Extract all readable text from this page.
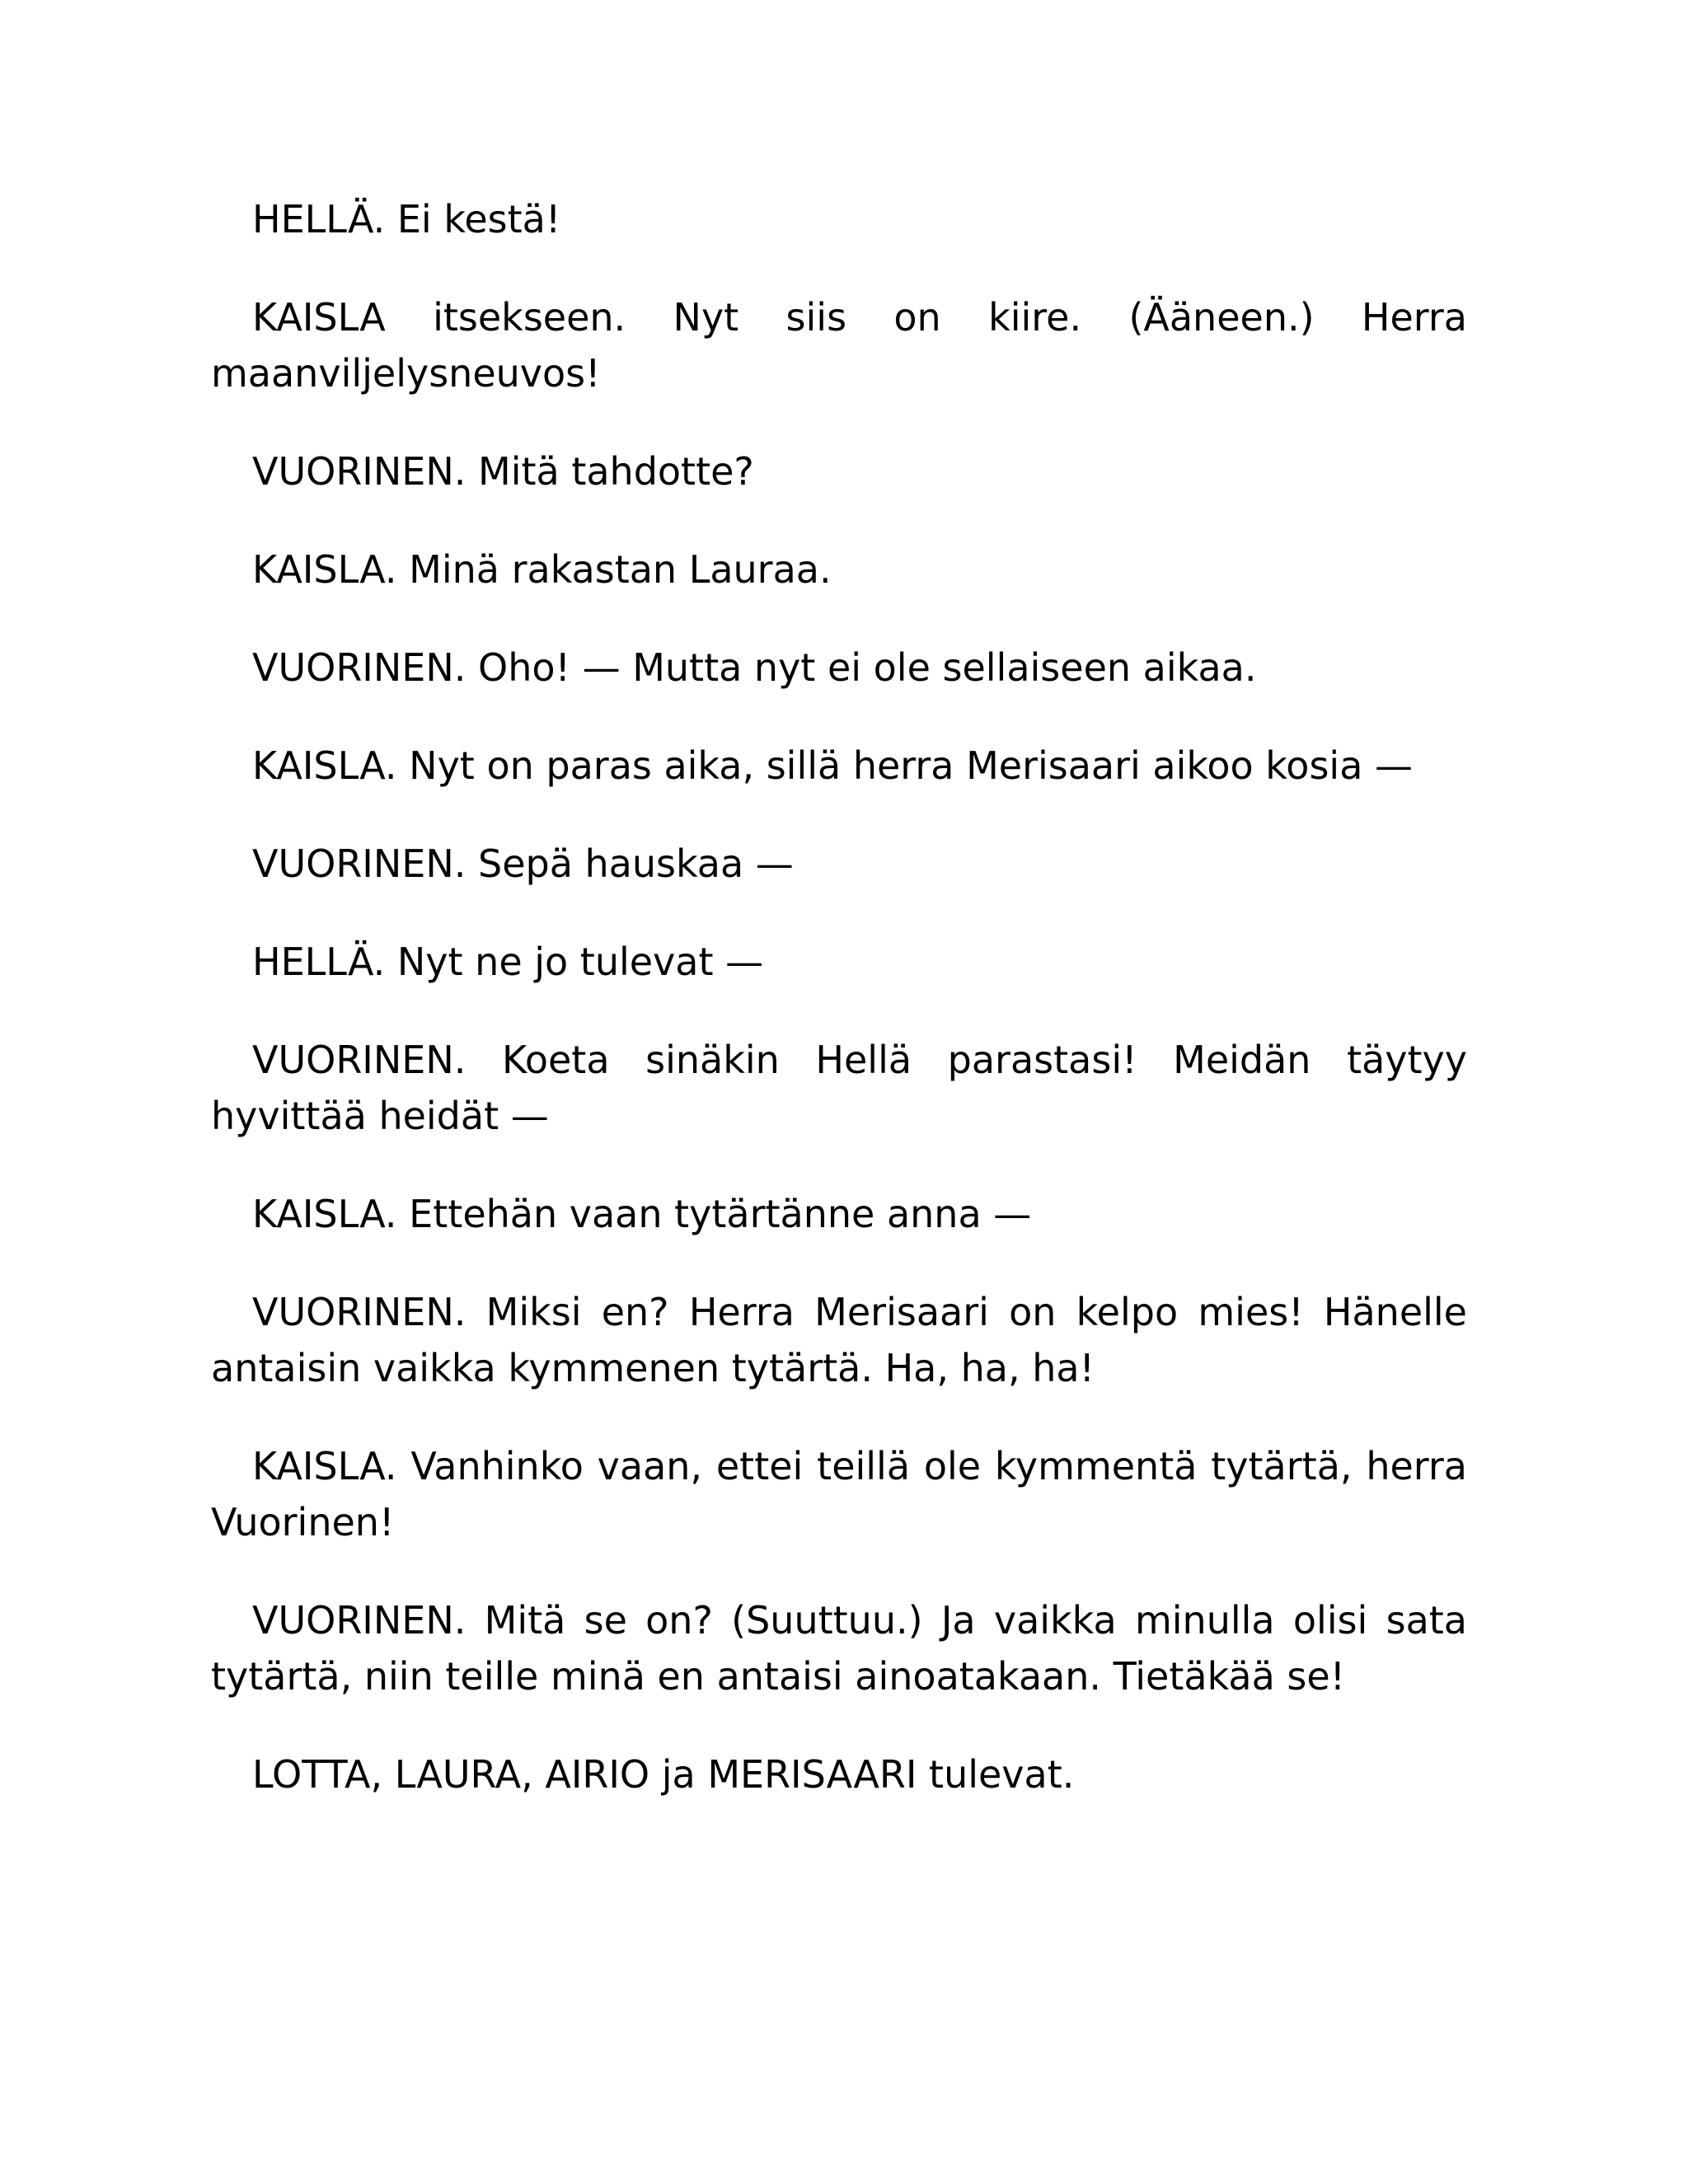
HELLÄ. Ei kestä!

KAISLA itsekseen. Nyt siis on kiire. (Ääneen.) Herra maanviljelysneuvos!

VUORINEN. Mitä tahdotte?

KAISLA. Minä rakastan Lauraa.

VUORINEN. Oho! — Mutta nyt ei ole sellaiseen aikaa.

KAISLA. Nyt on paras aika, sillä herra Merisaari aikoo kosia —

VUORINEN. Sepä hauskaa —

HELLÄ. Nyt ne jo tulevat —

VUORINEN. Koeta sinäkin Hellä parastasi! Meidän täytyy hyvittää heidät —

KAISLA. Ettehän vaan tytärtänne anna —

VUORINEN. Miksi en? Herra Merisaari on kelpo mies! Hänelle antaisin vaikka kymmenen tytärtä. Ha, ha, ha!

KAISLA. Vanhinko vaan, ettei teillä ole kymmentä tytärtä, herra Vuorinen!

VUORINEN. Mitä se on? (Suuttuu.) Ja vaikka minulla olisi sata tytärtä, niin teille minä en antaisi ainoatakaan. Tietäkää se!

LOTTA, LAURA, AIRIO ja MERISAARI tulevat.
